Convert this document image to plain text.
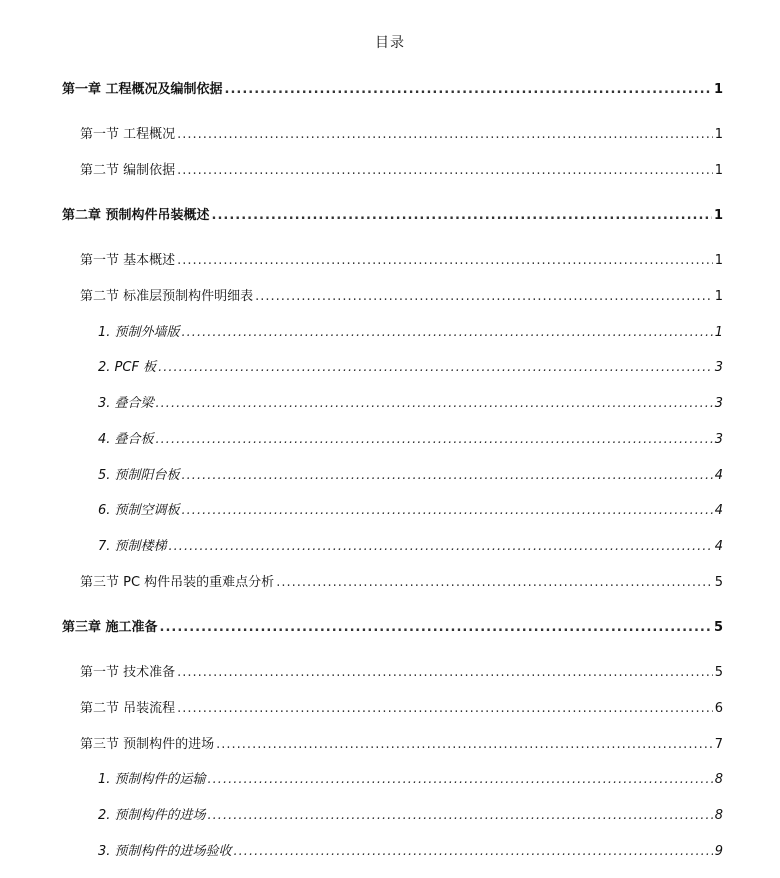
目录
第一章 工程概况及编制依据 .....	1
第一节 工程概况 .....	1
第二节 编制依据 .....	1
第二章 预制构件吊装概述 .....	1
第一节 基本概述 .....	1
第二节 标准层预制构件明细表 .....	1
1. 预制外墙版 .....	1
2. PCF 板 .....	3
3. 叠合梁 .....	3
4. 叠合板 .....	3
5. 预制阳台板 .....	4
6. 预制空调板 .....	4
7. 预制楼梯 .....	4
第三节 PC 构件吊装的重难点分析 .....	5
第三章 施工准备 .....	5
第一节 技术准备 .....	5
第二节 吊装流程 .....	6
第三节 预制构件的进场 .....	7
1. 预制构件的运输 .....	8
2. 预制构件的进场 .....	8
3. 预制构件的进场验收 .....	9
